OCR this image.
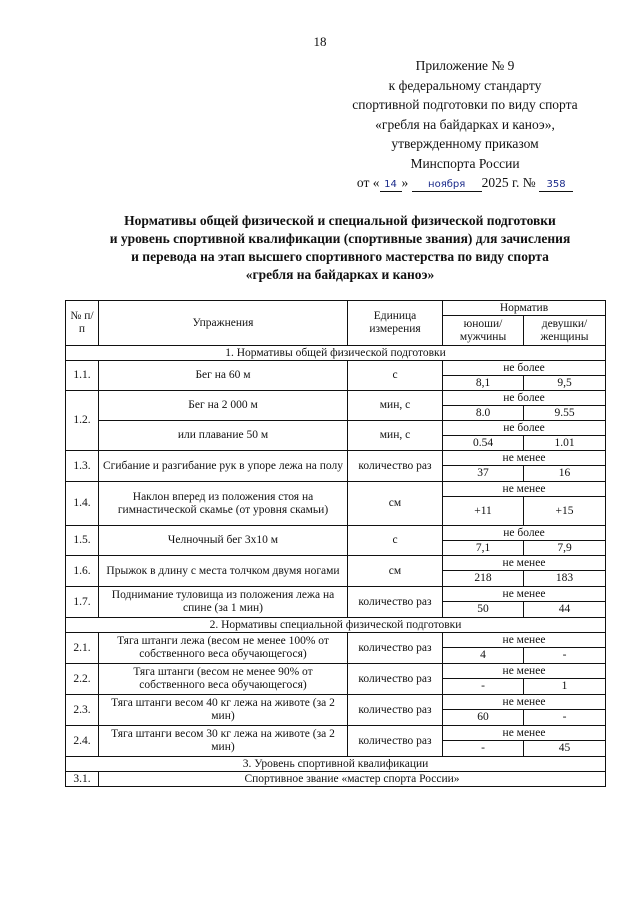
18
Приложение № 9
к федеральному стандарту
спортивной подготовки по виду спорта
«гребля на байдарках и каноэ»,
утвержденному приказом
Минспорта России
от « 14 » ноября 2025 г. № 358
Нормативы общей физической и специальной физической подготовки
и уровень спортивной квалификации (спортивные звания) для зачисления
и перевода на этап высшего спортивного мастерства по виду спорта
«гребля на байдарках и каноэ»
№ п/п	Упражнения	Единица измерения	Норматив	
			юноши/ мужчины	девушки/ женщины
1. Нормативы общей физической подготовки				
1.1.	Бег на 60 м	с	не более	
			8,1	9,5
1.2.	Бег на 2 000 м	мин, с	не более	
			8.0	9.55
	или плавание 50 м	мин, с	не более	
			0.54	1.01
1.3.	Сгибание и разгибание рук в упоре лежа на полу	количество раз	не менее	
			37	16
1.4.	Наклон вперед из положения стоя на гимнастической скамье (от уровня скамьи)	см	не менее	
			+11	+15
1.5.	Челночный бег 3x10 м	с	не более	
			7,1	7,9
1.6.	Прыжок в длину с места толчком двумя ногами	см	не менее	
			218	183
1.7.	Поднимание туловища из положения лежа на спине (за 1 мин)	количество раз	не менее	
			50	44
2. Нормативы специальной физической подготовки				
2.1.	Тяга штанги лежа (весом не менее 100% от собственного веса обучающегося)	количество раз	не менее	
			4	-
2.2.	Тяга штанги (весом не менее 90% от собственного веса обучающегося)	количество раз	не менее	
			-	1
2.3.	Тяга штанги весом 40 кг лежа на животе (за 2 мин)	количество раз	не менее	
			60	-
2.4.	Тяга штанги весом 30 кг лежа на животе (за 2 мин)	количество раз	не менее	
			-	45
3. Уровень спортивной квалификации				
3.1.	Спортивное звание «мастер спорта России»			
